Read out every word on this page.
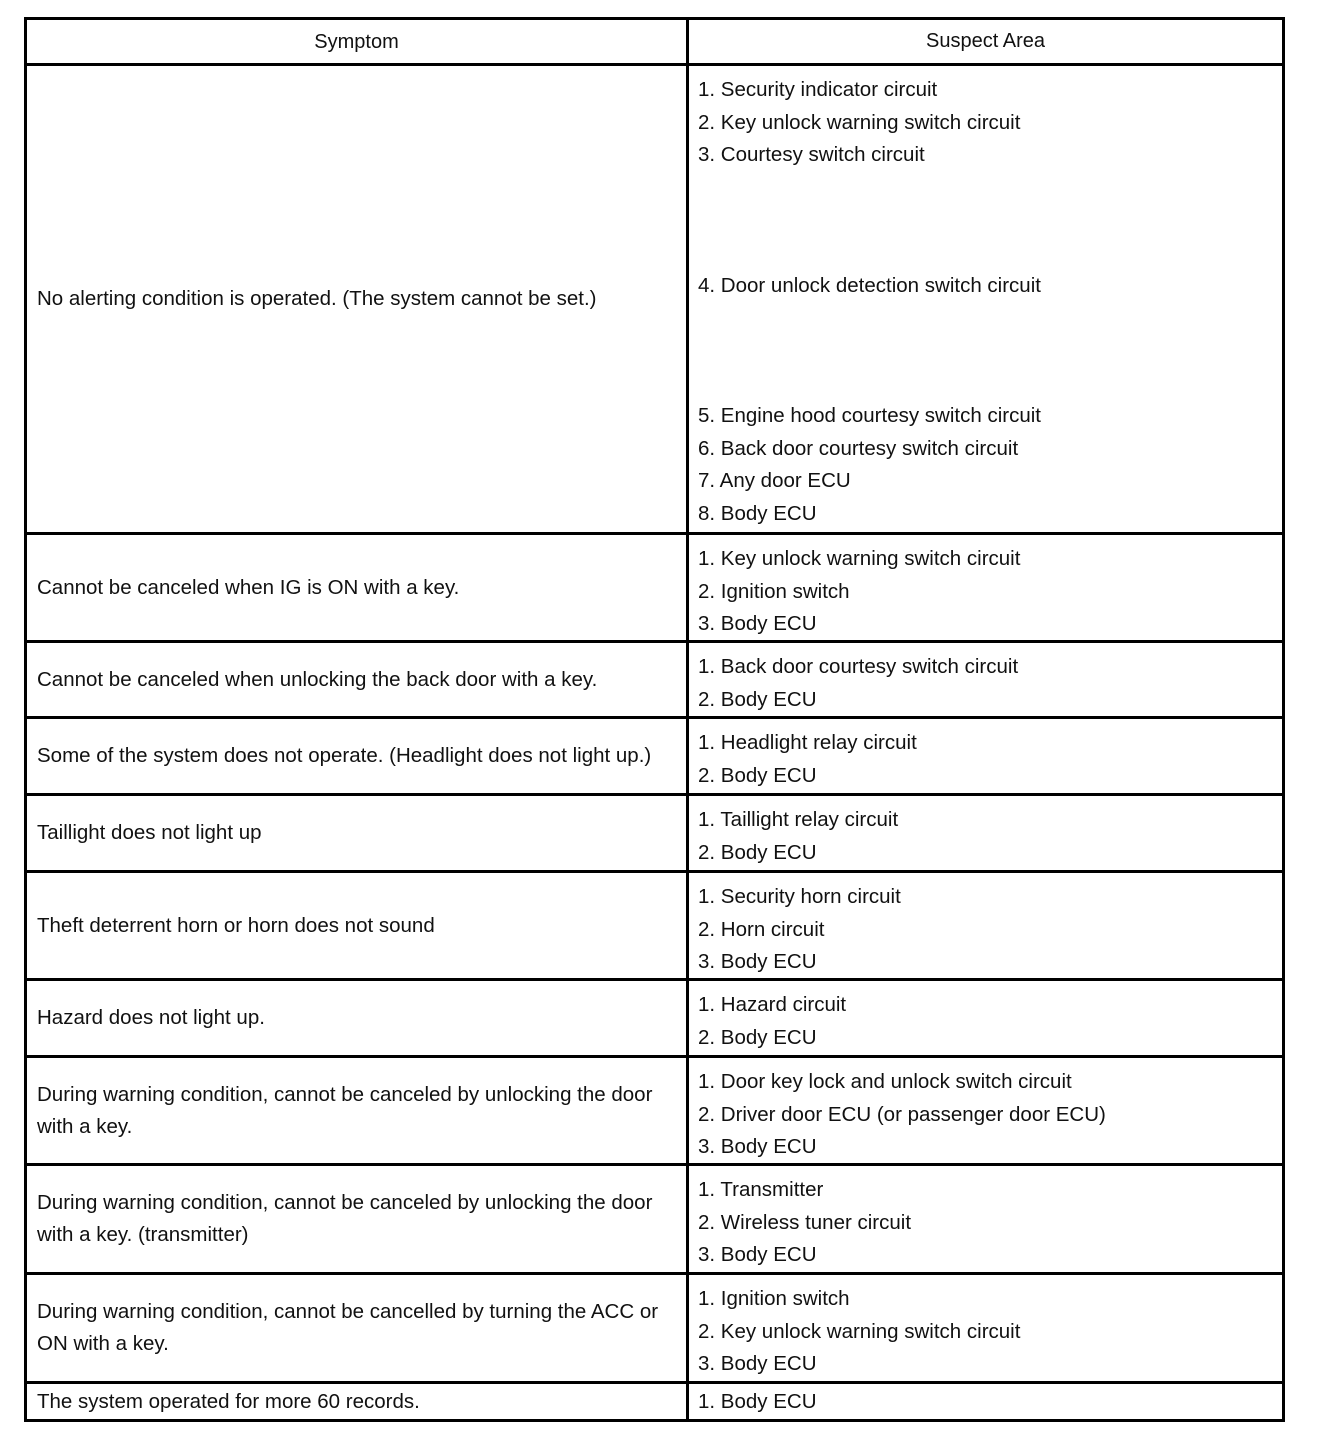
Symptom	Suspect Area
No alerting condition is operated. (The system cannot be set.)
1. Security indicator circuit
2. Key unlock warning switch circuit
3. Courtesy switch circuit
4. Door unlock detection switch circuit
5. Engine hood courtesy switch circuit
6. Back door courtesy switch circuit
7. Any door ECU
8. Body ECU
Cannot be canceled when IG is ON with a key.
1. Key unlock warning switch circuit
2. Ignition switch
3. Body ECU
Cannot be canceled when unlocking the back door with a key.
1. Back door courtesy switch circuit
2. Body ECU
Some of the system does not operate. (Headlight does not light up.)
1. Headlight relay circuit
2. Body ECU
Taillight does not light up
1. Taillight relay circuit
2. Body ECU
Theft deterrent horn or horn does not sound
1. Security horn circuit
2. Horn circuit
3. Body ECU
Hazard does not light up.
1. Hazard circuit
2. Body ECU
During warning condition, cannot be canceled by unlocking the door with a key.
1. Door key lock and unlock switch circuit
2. Driver door ECU (or passenger door ECU)
3. Body ECU
During warning condition, cannot be canceled by unlocking the door with a key. (transmitter)
1. Transmitter
2. Wireless tuner circuit
3. Body ECU
During warning condition, cannot be cancelled by turning the ACC or ON with a key.
1. Ignition switch
2. Key unlock warning switch circuit
3. Body ECU
The system operated for more 60 records.	1. Body ECU
